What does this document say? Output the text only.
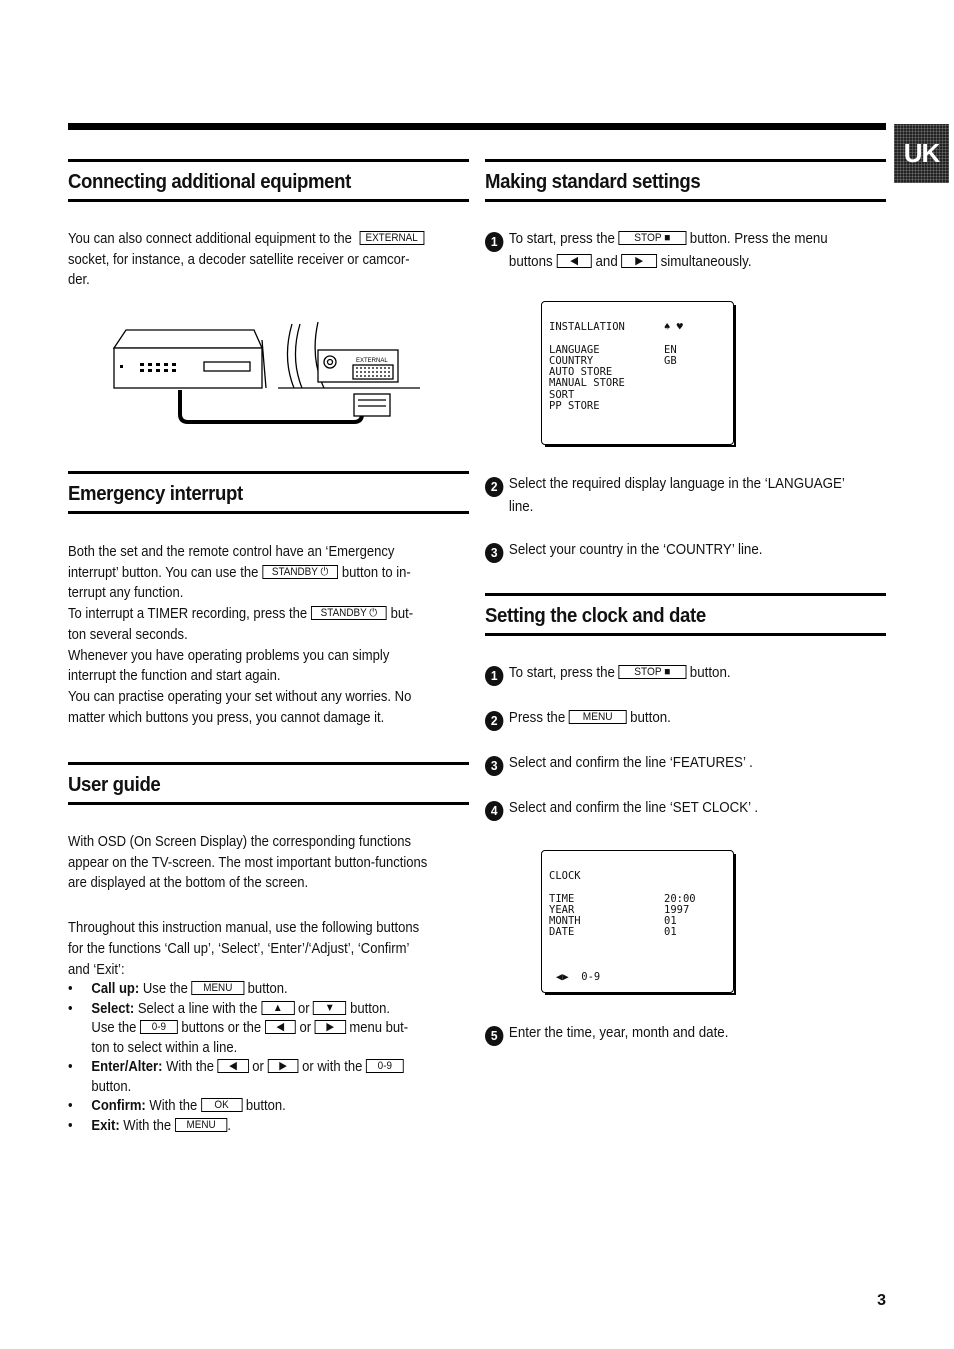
UK
Connecting additional equipment
You can also connect additional equipment to the EXTERNAL
socket, for instance, a decoder satellite receiver or camcor-
der.
EXTERNAL
Emergency interrupt
Both the set and the remote control have an ‘Emergency
interrupt’ button. You can use the STANDBY ⏻ button to in-
terrupt any function.
To interrupt a TIMER recording, press the STANDBY ⏻ but-
ton several seconds.
Whenever you have operating problems you can simply
interrupt the function and start again.
You can practise operating your set without any worries. No
matter which buttons you press, you cannot damage it.
User guide
With OSD (On Screen Display) the corresponding functions
appear on the TV-screen. The most important button-functions
are displayed at the bottom of the screen.
Throughout this instruction manual, use the following buttons
for the functions ‘Call up’, ‘Select’, ‘Enter’/‘Adjust’, ‘Confirm’
and ‘Exit’:
• Call up: Use the MENU button.
• Select: Select a line with the ▲ or ▼ button.
Use the 0-9 buttons or the ◀ or ▶ menu but-
ton to select within a line.
• Enter/Alter: With the ◀ or ▶ or with the 0-9
button.
• Confirm: With the OK button.
• Exit: With the MENU .
Making standard settings
1 To start, press the STOP ■ button. Press the menu
buttons ◀ and ▶ simultaneously.
INSTALLATION	♠ ♥
LANGUAGE
COUNTRY
AUTO STORE
MANUAL STORE
SORT
PP STORE
EN
GB
2 Select the required display language in the ‘LANGUAGE’
line.
3 Select your country in the ‘COUNTRY’ line.
Setting the clock and date
1 To start, press the STOP ■ button.
2 Press the MENU button.
3 Select and confirm the line ‘FEATURES’ .
4 Select and confirm the line ‘SET CLOCK’ .
CLOCK
TIME
YEAR
MONTH
DATE
20:00
1997
01
01
◀▶  0-9
5 Enter the time, year, month and date.
3
